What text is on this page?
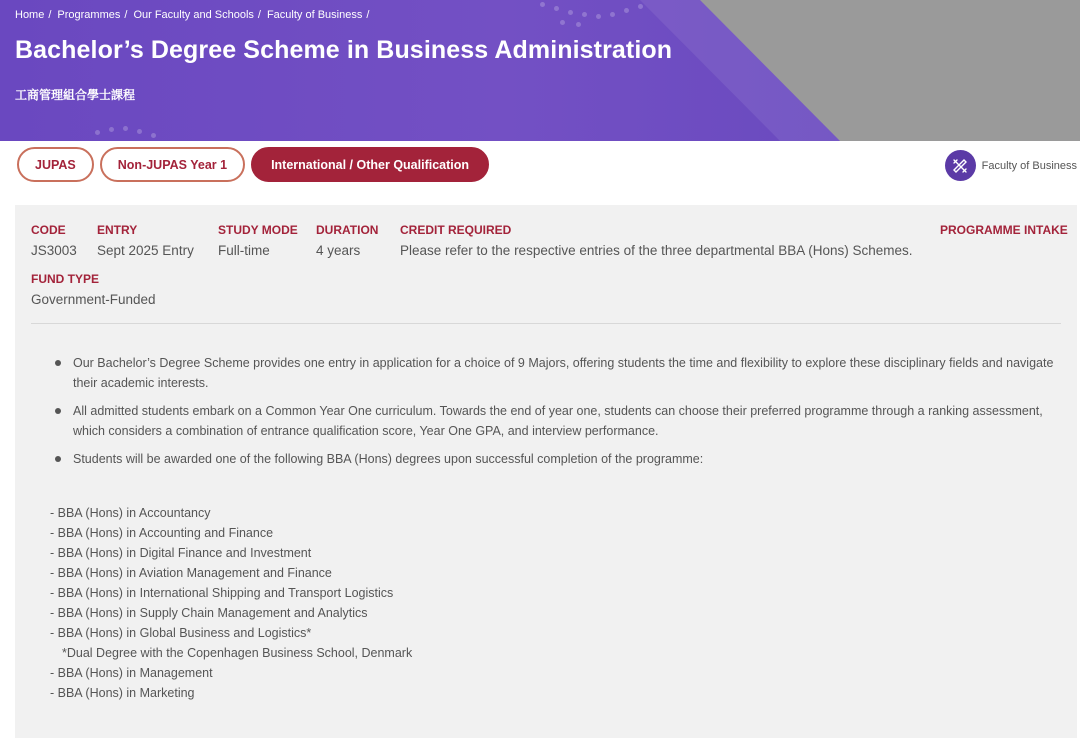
Home / Programmes / Our Faculty and Schools / Faculty of Business /
Bachelor’s Degree Scheme in Business Administration
工商管理組合學士課程
JUPAS	Non-JUPAS Year 1	International / Other Qualification	Faculty of Business
CODE
JS3003
ENTRY
Sept 2025 Entry
STUDY MODE
Full-time
DURATION
4 years
CREDIT REQUIRED
Please refer to the respective entries of the three departmental BBA (Hons) Schemes.
PROGRAMME INTAKE
FUND TYPE
Government-Funded
Our Bachelor’s Degree Scheme provides one entry in application for a choice of 9 Majors, offering students the time and flexibility to explore these disciplinary fields and navigate their academic interests.
All admitted students embark on a Common Year One curriculum. Towards the end of year one, students can choose their preferred programme through a ranking assessment, which considers a combination of entrance qualification score, Year One GPA, and interview performance.
Students will be awarded one of the following BBA (Hons) degrees upon successful completion of the programme:
- BBA (Hons) in Accountancy
- BBA (Hons) in Accounting and Finance
- BBA (Hons) in Digital Finance and Investment
- BBA (Hons) in Aviation Management and Finance
- BBA (Hons) in International Shipping and Transport Logistics
- BBA (Hons) in Supply Chain Management and Analytics
- BBA (Hons) in Global Business and Logistics*
*Dual Degree with the Copenhagen Business School, Denmark
- BBA (Hons) in Management
- BBA (Hons) in Marketing
